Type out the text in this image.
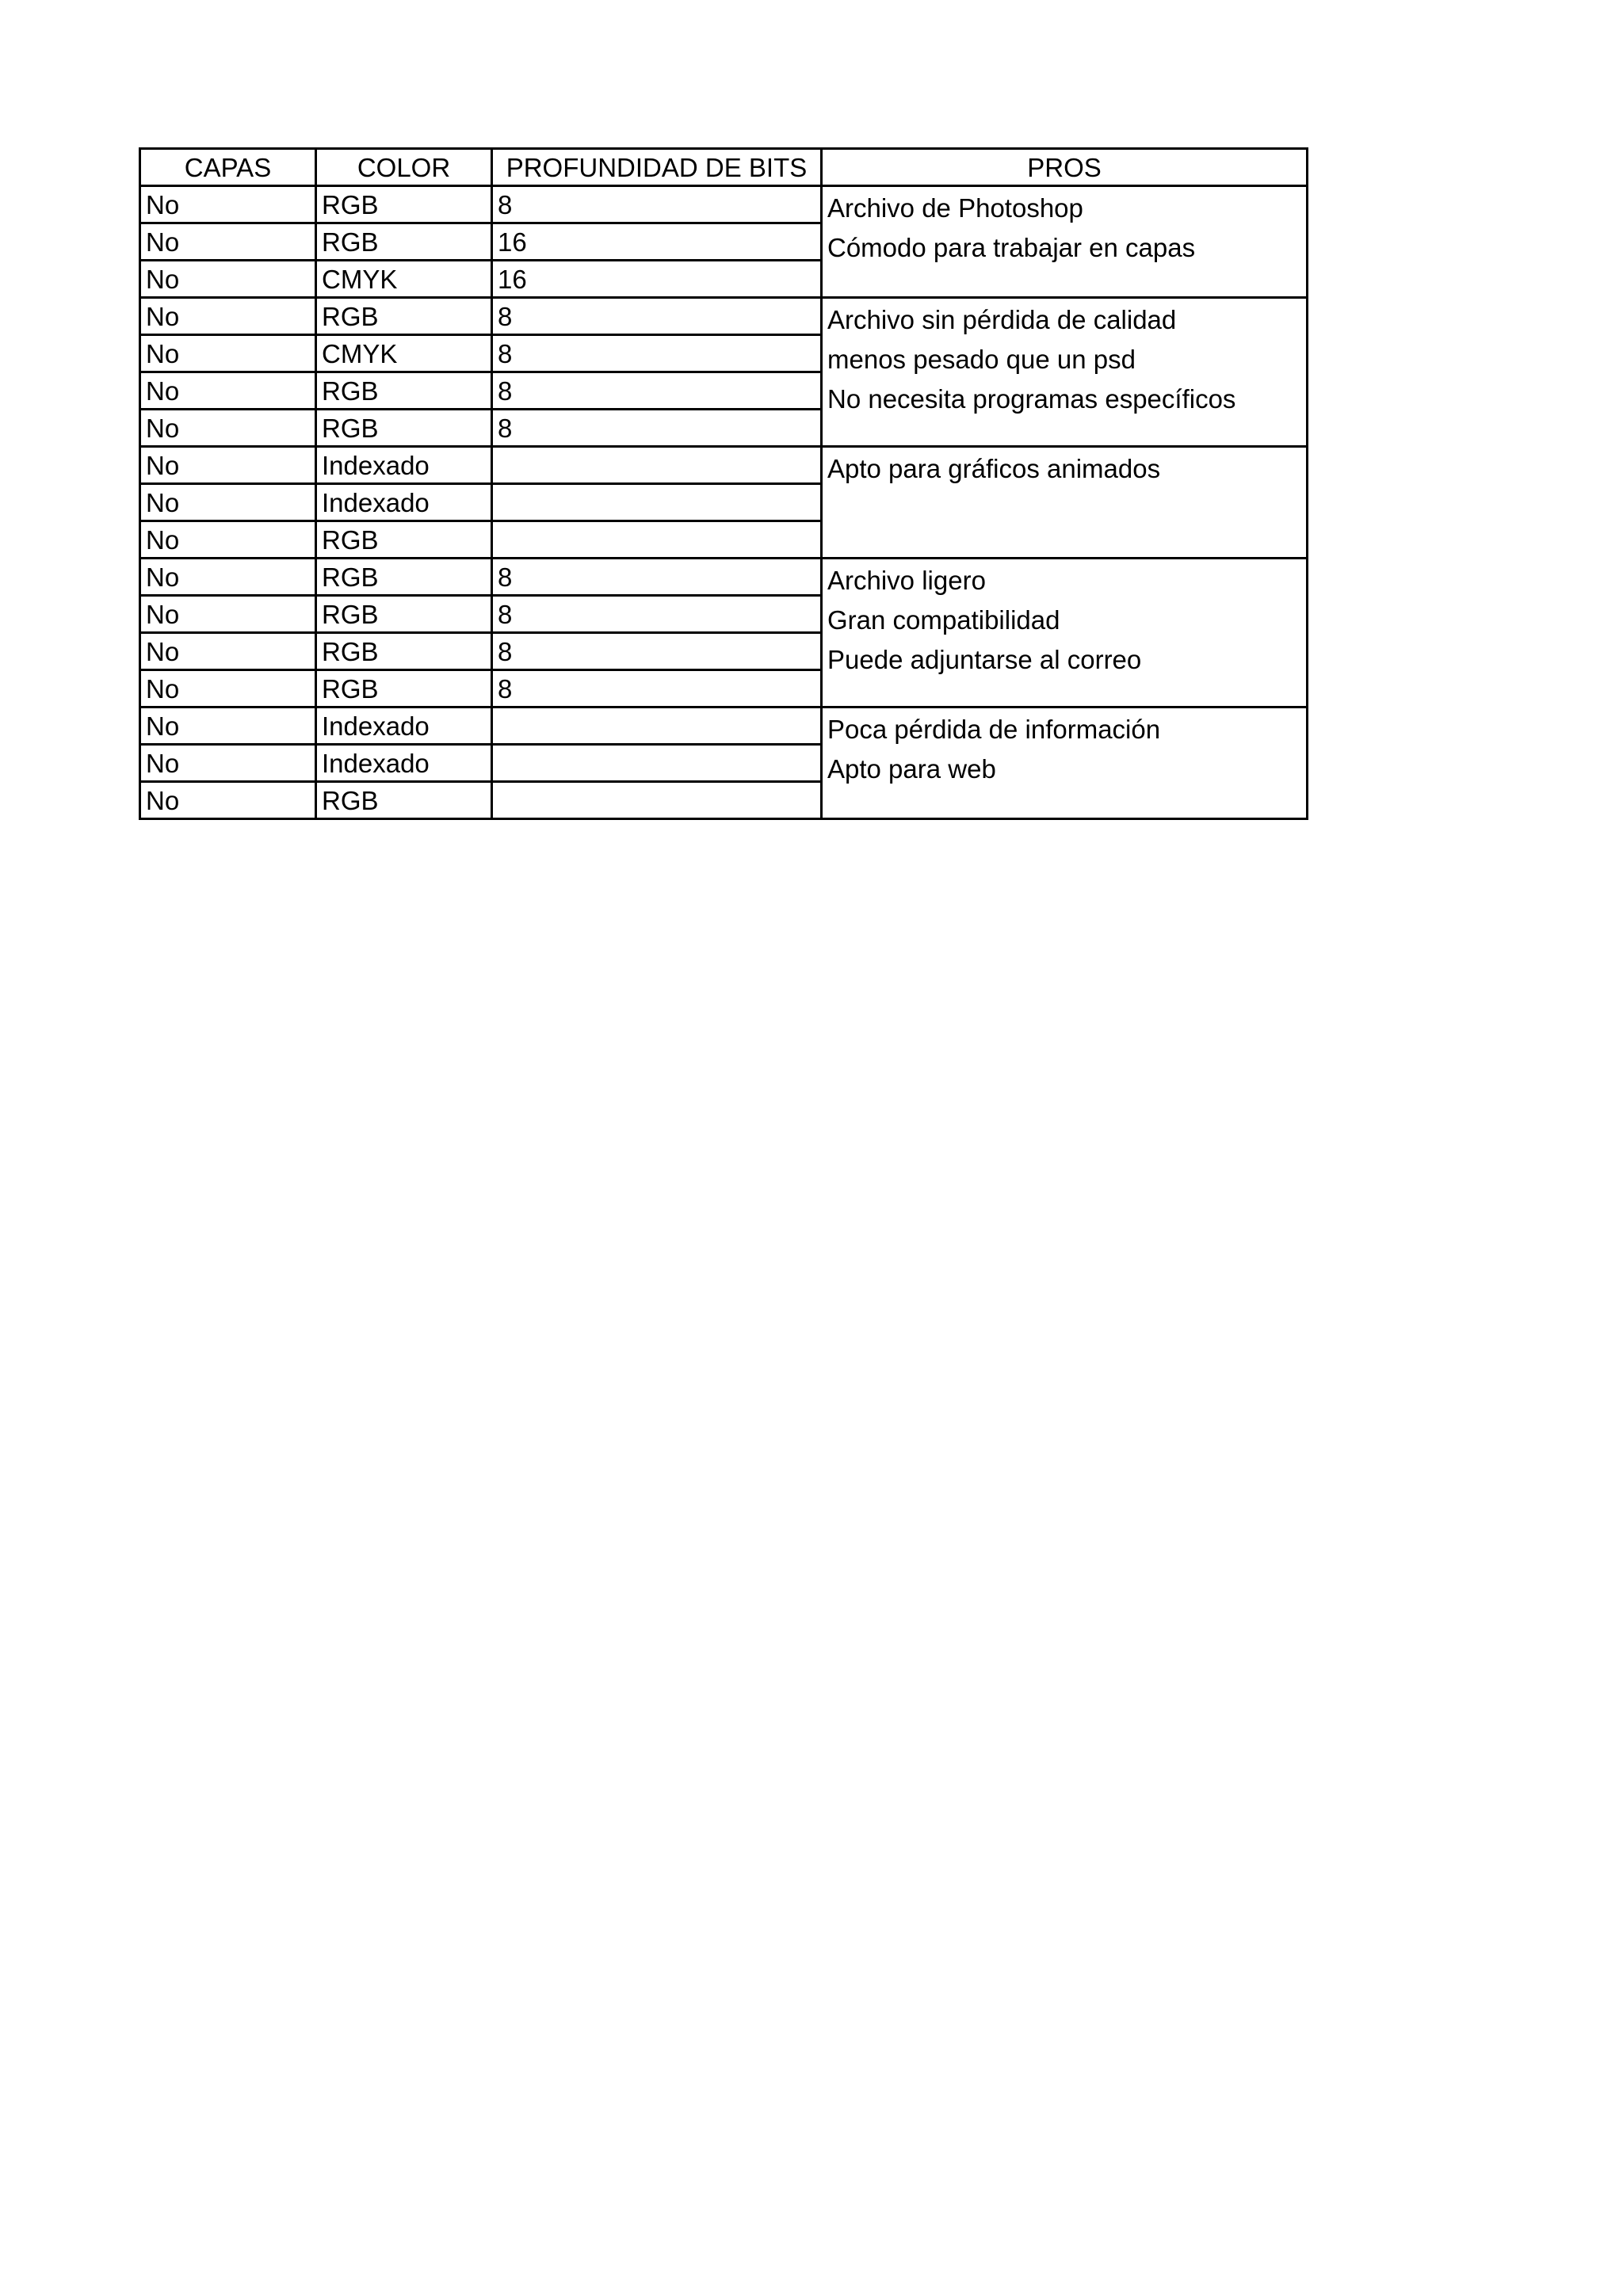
CAPAS	COLOR	PROFUNDIDAD DE BITS	PROS
No	RGB	8	Archivo de Photoshop
Cómodo para trabajar en capas

No	RGB	16	
No	CMYK	16	
No	RGB	8	Archivo sin pérdida de calidad
menos pesado que un psd
No necesita programas específicos

No	CMYK	8	
No	RGB	8	
No	RGB	8	
No	Indexado		Apto para gráficos animados

No	Indexado		
No	RGB		
No	RGB	8	Archivo ligero
Gran compatibilidad
Puede adjuntarse al correo

No	RGB	8	
No	RGB	8	
No	RGB	8	
No	Indexado		Poca pérdida de información
Apto para web

No	Indexado		
No	RGB		
